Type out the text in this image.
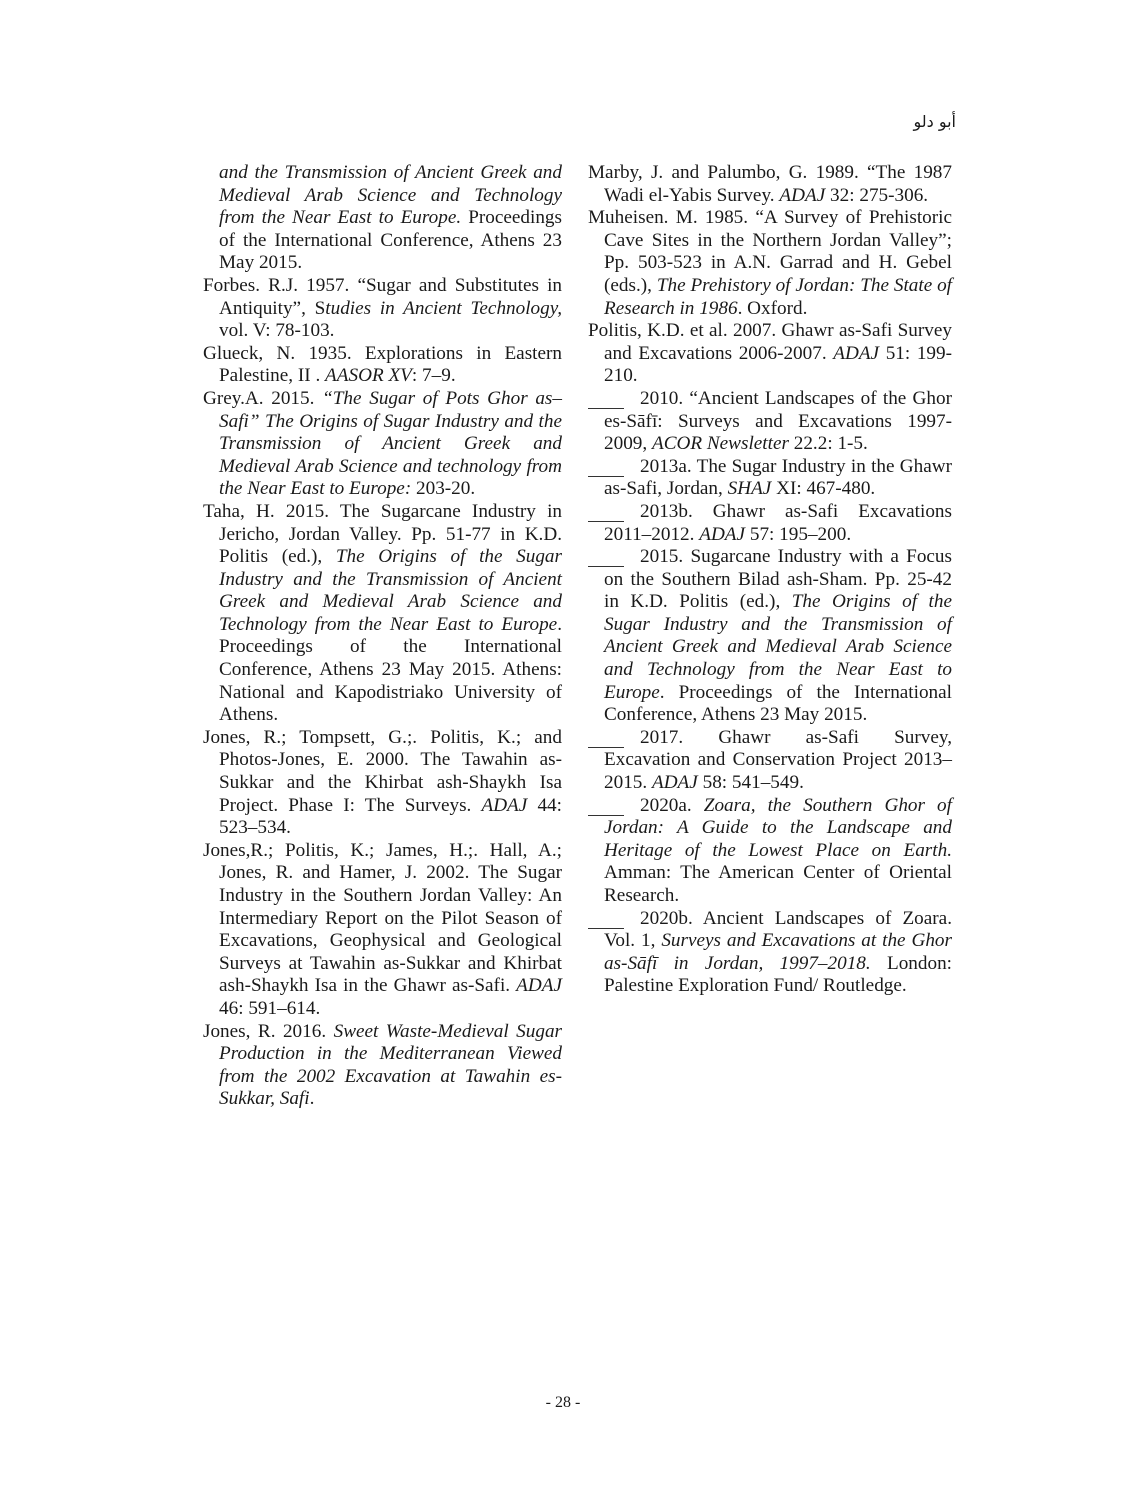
أبو دلو
and the Transmission of Ancient Greek and Medieval Arab Science and Technology from the Near East to Europe. Proceedings of the International Conference, Athens 23 May 2015.
Forbes. R.J. 1957. “Sugar and Substitutes in Antiquity”, Studies in Ancient Technology, vol. V: 78-103.
Glueck, N. 1935. Explorations in Eastern Palestine, II . AASOR XV: 7–9.
Grey.A. 2015. “The Sugar of Pots Ghor as–Safi” The Origins of Sugar Industry and the Transmission of Ancient Greek and Medieval Arab Science and technology from the Near East to Europe: 203-20.
Taha, H. 2015. The Sugarcane Industry in Jericho, Jordan Valley. Pp. 51-77 in K.D. Politis (ed.), The Origins of the Sugar Industry and the Transmission of Ancient Greek and Medieval Arab Science and Technology from the Near East to Europe. Proceedings of the International Conference, Athens 23 May 2015. Athens: National and Kapodistriako University of Athens.
Jones, R.; Tompsett, G.;. Politis, K.; and Photos-Jones, E. 2000. The Tawahin as-Sukkar and the Khirbat ash-Shaykh Isa Project. Phase I: The Surveys. ADAJ 44: 523–534.
Jones,R.; Politis, K.; James, H.;. Hall, A.; Jones, R. and Hamer, J. 2002. The Sugar Industry in the Southern Jordan Valley: An Intermediary Report on the Pilot Season of Excavations, Geophysical and Geological Surveys at Tawahin as-Sukkar and Khirbat ash-Shaykh Isa in the Ghawr as-Safi. ADAJ 46: 591–614.
Jones, R. 2016. Sweet Waste-Medieval Sugar Production in the Mediterranean Viewed from the 2002 Excavation at Tawahin es-Sukkar, Safi.
Marby, J. and Palumbo, G. 1989. “The 1987 Wadi el-Yabis Survey. ADAJ 32: 275-306.
Muheisen. M. 1985. “A Survey of Prehistoric Cave Sites in the Northern Jordan Valley”; Pp. 503-523 in A.N. Garrad and H. Gebel (eds.), The Prehistory of Jordan: The State of Research in 1986. Oxford.
Politis, K.D. et al. 2007. Ghawr as-Safi Survey and Excavations 2006-2007. ADAJ 51: 199-210.
2010. “Ancient Landscapes of the Ghor es-Sāfī: Surveys and Excavations 1997-2009, ACOR Newsletter 22.2: 1-5.
2013a. The Sugar Industry in the Ghawr as-Safi, Jordan, SHAJ XI: 467-480.
2013b. Ghawr as-Safi Excavations 2011–2012. ADAJ 57: 195–200.
2015. Sugarcane Industry with a Focus on the Southern Bilad ash-Sham. Pp. 25-42 in K.D. Politis (ed.), The Origins of the Sugar Industry and the Transmission of Ancient Greek and Medieval Arab Science and Technology from the Near East to Europe. Proceedings of the International Conference, Athens 23 May 2015.
2017. Ghawr as-Safi Survey, Excavation and Conservation Project 2013–2015. ADAJ 58: 541–549.
2020a. Zoara, the Southern Ghor of Jordan: A Guide to the Landscape and Heritage of the Lowest Place on Earth. Amman: The American Center of Oriental Research.
2020b. Ancient Landscapes of Zoara. Vol. 1, Surveys and Excavations at the Ghor as-Sāfī in Jordan, 1997–2018. London: Palestine Exploration Fund/ Routledge.
- 28 -
